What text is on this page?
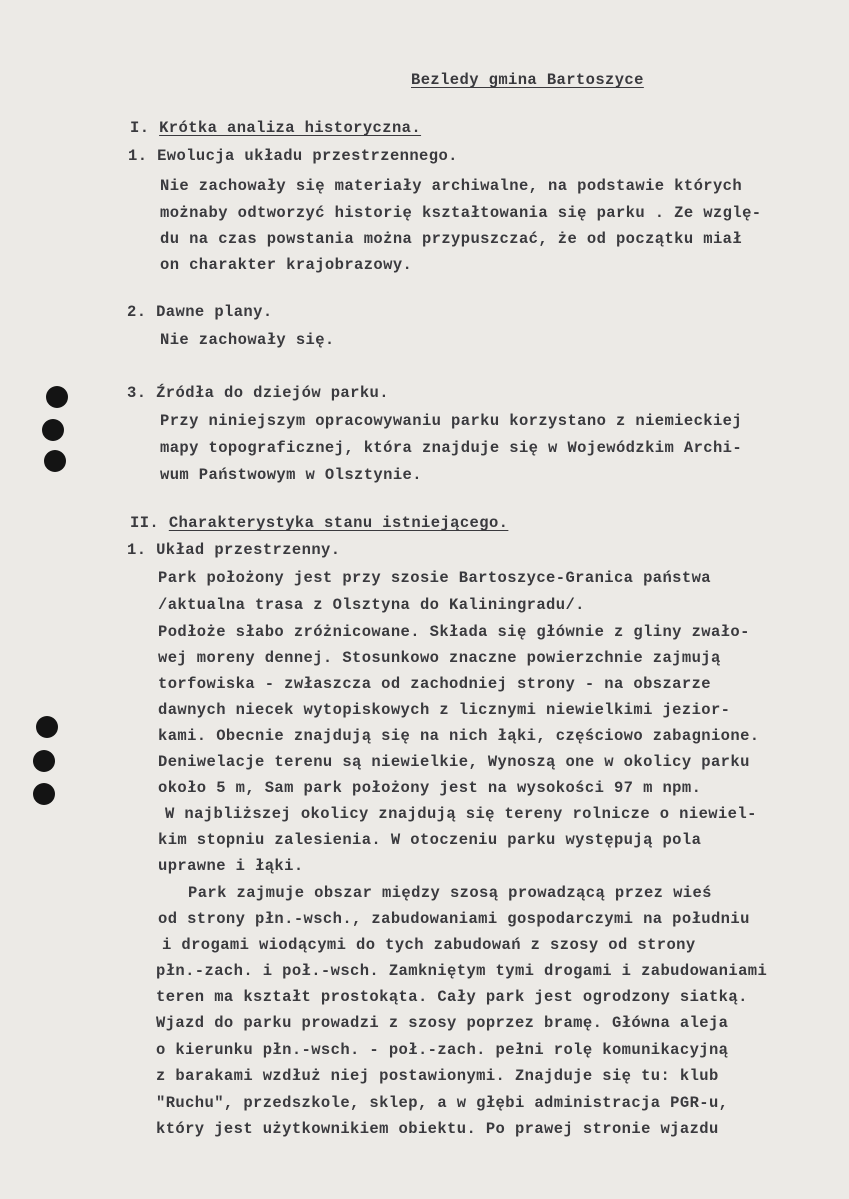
Bezledy gmina Bartoszyce
I. Krótka analiza historyczna.
1. Ewolucja układu przestrzennego.
Nie zachowały się materiały archiwalne, na podstawie których
możnaby odtworzyć historię kształtowania się parku . Ze wzglę-
du na czas powstania można przypuszczać, że od początku miał
on charakter krajobrazowy.
2. Dawne plany.
Nie zachowały się.
3. Źródła do dziejów parku.
Przy niniejszym opracowywaniu parku korzystano z niemieckiej
mapy topograficznej, która znajduje się w Wojewódzkim Archi-
wum Państwowym w Olsztynie.
II. Charakterystyka stanu istniejącego.
1. Układ przestrzenny.
Park położony jest przy szosie Bartoszyce-Granica państwa
/aktualna trasa z Olsztyna do Kaliningradu/.
Podłoże słabo zróżnicowane. Składa się głównie z gliny zwało-
wej moreny dennej. Stosunkowo znaczne powierzchnie zajmują
torfowiska - zwłaszcza od zachodniej strony - na obszarze
dawnych niecek wytopiskowych z licznymi niewielkimi jezior-
kami. Obecnie znajdują się na nich łąki, częściowo zabagnione.
Deniwelacje terenu są niewielkie, Wynoszą one w okolicy parku
około 5 m, Sam park położony jest na wysokości 97 m npm.
W najbliższej okolicy znajdują się tereny rolnicze o niewiel-
kim stopniu zalesienia. W otoczeniu parku występują pola
uprawne i łąki.
Park zajmuje obszar między szosą prowadzącą przez wieś
od strony płn.-wsch., zabudowaniami gospodarczymi na południu
i drogami wiodącymi do tych zabudowań z szosy od strony
płn.-zach. i poł.-wsch. Zamkniętym tymi drogami i zabudowaniami
teren ma kształt prostokąta. Cały park jest ogrodzony siatką.
Wjazd do parku prowadzi z szosy poprzez bramę. Główna aleja
o kierunku płn.-wsch. - poł.-zach. pełni rolę komunikacyjną
z barakami wzdłuż niej postawionymi. Znajduje się tu: klub
"Ruchu", przedszkole, sklep, a w głębi administracja PGR-u,
który jest użytkownikiem obiektu. Po prawej stronie wjazdu
